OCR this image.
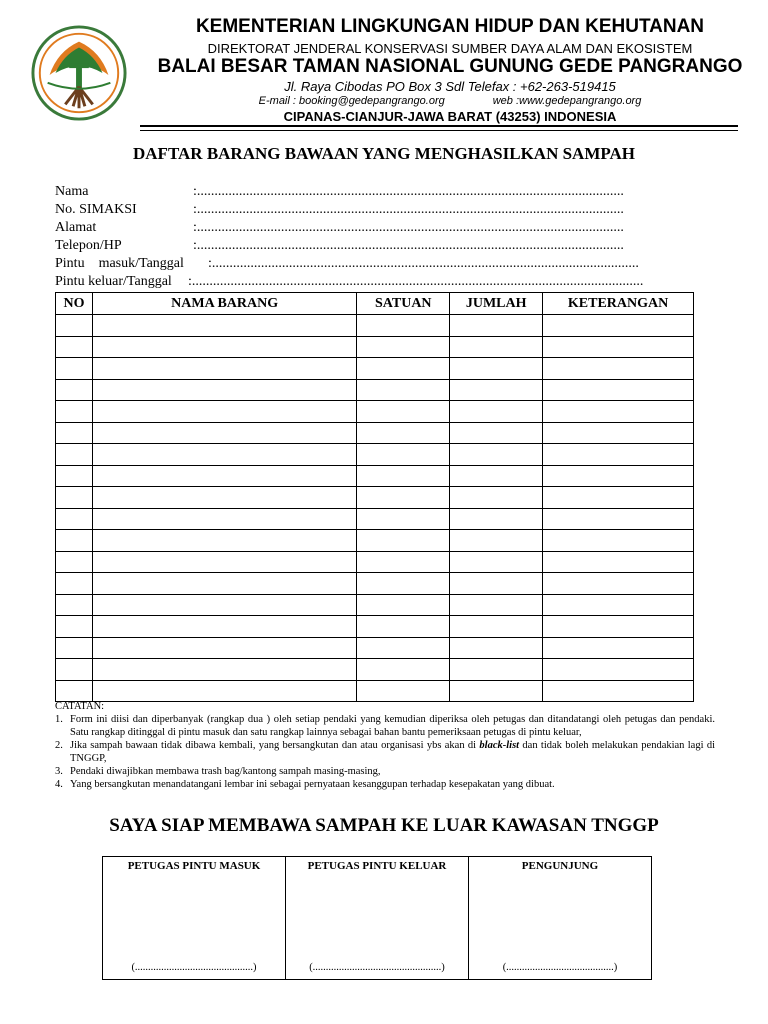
KEMENTERIAN LINGKUNGAN HIDUP DAN KEHUTANAN
DIREKTORAT JENDERAL KONSERVASI SUMBER DAYA ALAM DAN EKOSISTEM
BALAI BESAR TAMAN NASIONAL GUNUNG GEDE PANGRANGO
Jl. Raya Cibodas PO Box 3 Sdl Telefax : +62-263-519415
E-mail : booking@gedepangrango.org	web :www.gedepangrango.org
CIPANAS-CIANJUR-JAWA BARAT (43253) INDONESIA
DAFTAR BARANG BAWAAN YANG MENGHASILKAN SAMPAH
Nama	:..........................................................................................................................
No. SIMAKSI	:..........................................................................................................................
Alamat	:..........................................................................................................................
Telepon/HP	:..........................................................................................................................
Pintu    masuk/Tanggal :..........................................................................................................................
Pintu keluar/Tanggal :.................................................................................................................................
NO	NAMA BARANG	SATUAN	JUMLAH	KETERANGAN

CATATAN:

1. Form ini diisi dan diperbanyak (rangkap dua ) oleh setiap pendaki yang kemudian diperiksa oleh petugas dan ditandatangi oleh petugas dan pendaki. Satu rangkap ditinggal di pintu masuk dan satu rangkap lainnya sebagai bahan bantu pemeriksaan petugas di pintu keluar,
2. Jika sampah bawaan tidak dibawa kembali, yang bersangkutan dan atau organisasi ybs akan di black-list dan tidak boleh melakukan pendakian lagi di TNGGP,
3. Pendaki diwajibkan membawa trash bag/kantong sampah masing-masing,
4. Yang bersangkutan menandatangani lembar ini sebagai pernyataan kesanggupan terhadap kesepakatan yang dibuat.
SAYA SIAP MEMBAWA SAMPAH KE LUAR KAWASAN TNGGP
PETUGAS PINTU MASUK
(.............................................)

PETUGAS PINTU KELUAR
(.................................................)

PENGUNJUNG
(.........................................)
